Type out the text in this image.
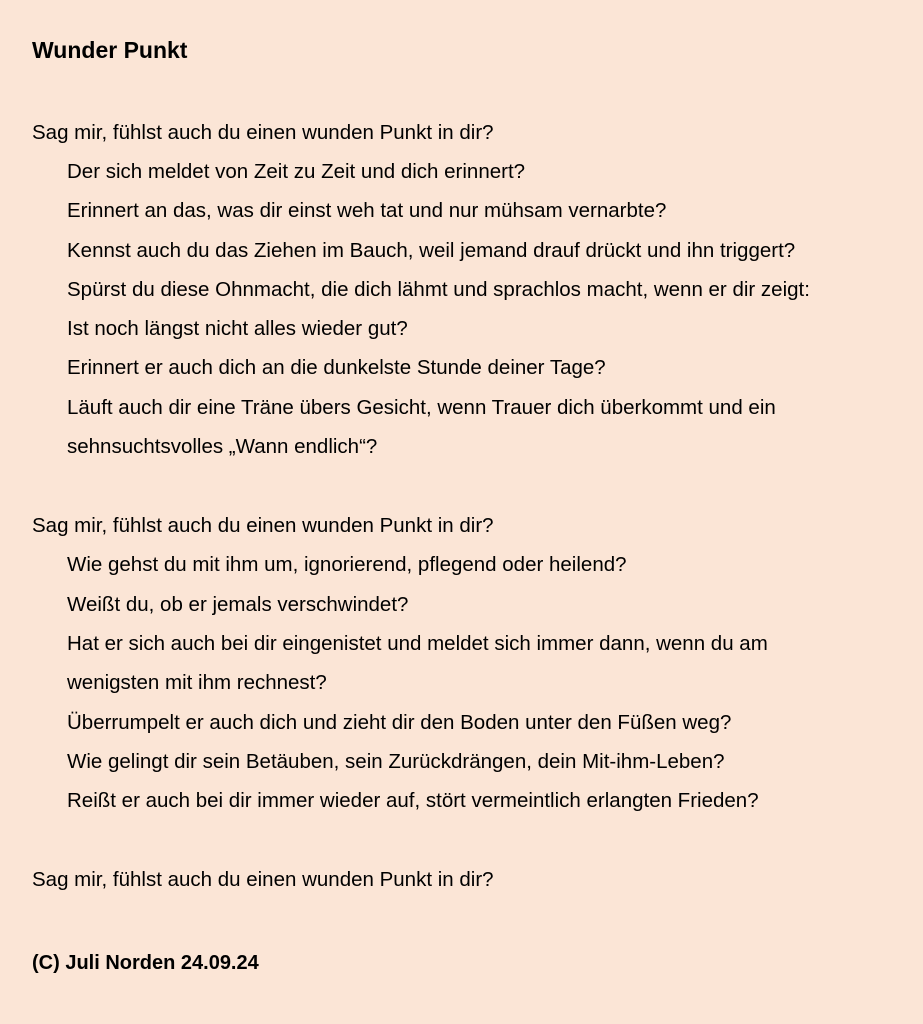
Wunder Punkt
Sag mir, fühlst auch du einen wunden Punkt in dir?
Der sich meldet von Zeit zu Zeit und dich erinnert?
Erinnert an das, was dir einst weh tat und nur mühsam vernarbte?
Kennst auch du das Ziehen im Bauch, weil jemand drauf drückt und ihn triggert?
Spürst du diese Ohnmacht, die dich lähmt und sprachlos macht, wenn er dir zeigt:
Ist noch längst nicht alles wieder gut?
Erinnert er auch dich an die dunkelste Stunde deiner Tage?
Läuft auch dir eine Träne übers Gesicht, wenn Trauer dich überkommt und ein
sehnsuchtsvolles „Wann endlich“?
Sag mir, fühlst auch du einen wunden Punkt in dir?
Wie gehst du mit ihm um, ignorierend, pflegend oder heilend?
Weißt du, ob er jemals verschwindet?
Hat er sich auch bei dir eingenistet und meldet sich immer dann, wenn du am
wenigsten mit ihm rechnest?
Überrumpelt er auch dich und zieht dir den Boden unter den Füßen weg?
Wie gelingt dir sein Betäuben, sein Zurückdrängen, dein Mit-ihm-Leben?
Reißt er auch bei dir immer wieder auf, stört vermeintlich erlangten Frieden?
Sag mir, fühlst auch du einen wunden Punkt in dir?
(C) Juli Norden 24.09.24
